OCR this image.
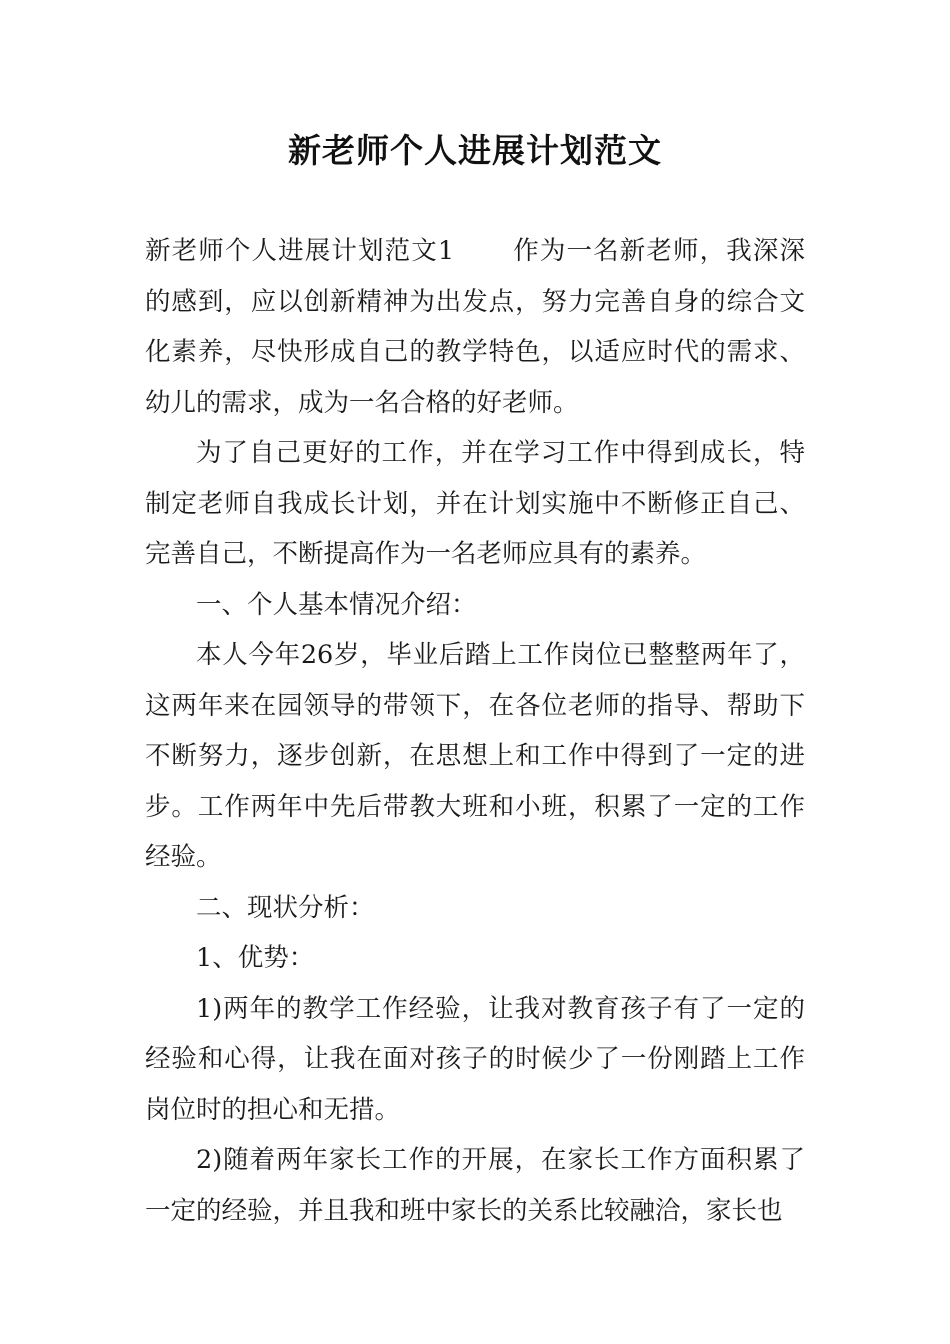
新老师个人进展计划范文

新老师个人进展计划范文1 作为一名新老师，我深深的感到，应以创新精神为出发点，努力完善自身的综合文化素养，尽快形成自己的教学特色，以适应时代的需求、幼儿的需求，成为一名合格的好老师。

为了自己更好的工作，并在学习工作中得到成长，特制定老师自我成长计划，并在计划实施中不断修正自己、完善自己，不断提高作为一名老师应具有的素养。

一、个人基本情况介绍：

本人今年26岁，毕业后踏上工作岗位已整整两年了，这两年来在园领导的带领下，在各位老师的指导、帮助下不断努力，逐步创新，在思想上和工作中得到了一定的进步。工作两年中先后带教大班和小班，积累了一定的工作经验。

二、现状分析：

1、优势：

1)两年的教学工作经验，让我对教育孩子有了一定的经验和心得，让我在面对孩子的时候少了一份刚踏上工作岗位时的担心和无措。

2)随着两年家长工作的开展，在家长工作方面积累了一定的经验，并且我和班中家长的关系比较融洽，家长也
